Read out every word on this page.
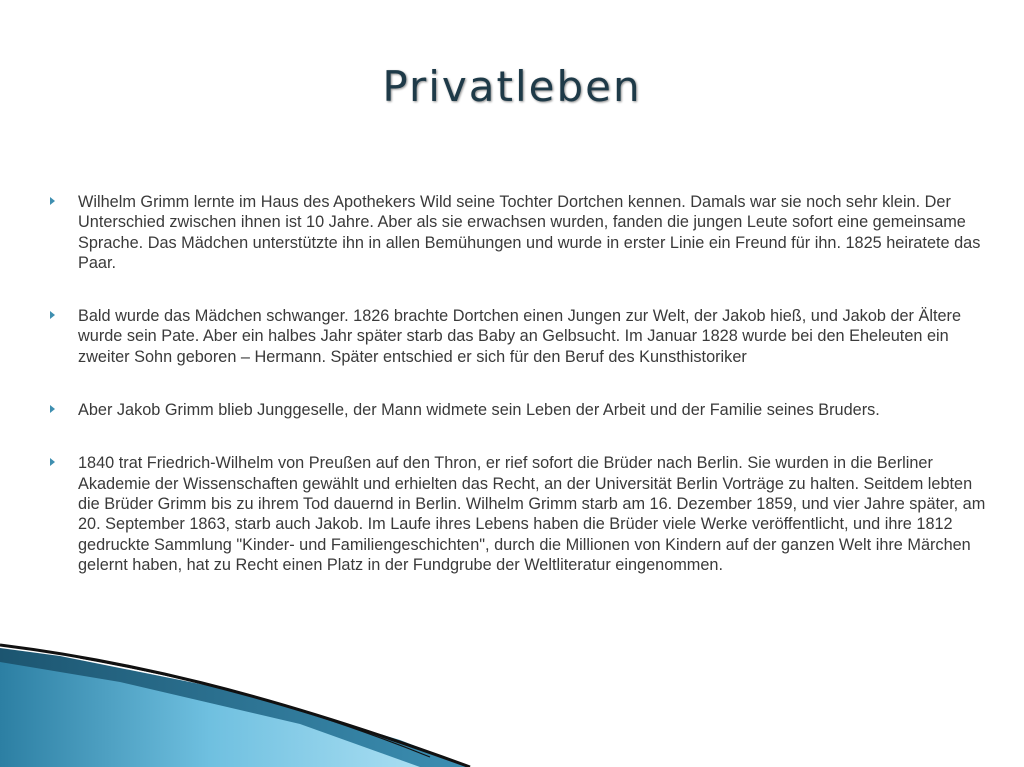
Privatleben

Wilhelm Grimm lernte im Haus des Apothekers Wild seine Tochter Dortchen kennen. Damals war sie noch sehr klein. Der Unterschied zwischen ihnen ist 10 Jahre. Aber als sie erwachsen wurden, fanden die jungen Leute sofort eine gemeinsame Sprache. Das Mädchen unterstützte ihn in allen Bemühungen und wurde in erster Linie ein Freund für ihn. 1825 heiratete das Paar.

Bald wurde das Mädchen schwanger. 1826 brachte Dortchen einen Jungen zur Welt, der Jakob hieß, und Jakob der Ältere wurde sein Pate. Aber ein halbes Jahr später starb das Baby an Gelbsucht. Im Januar 1828 wurde bei den Eheleuten ein zweiter Sohn geboren – Hermann. Später entschied er sich für den Beruf des Kunsthistoriker

Aber Jakob Grimm blieb Junggeselle, der Mann widmete sein Leben der Arbeit und der Familie seines Bruders.

1840 trat Friedrich-Wilhelm von Preußen auf den Thron, er rief sofort die Brüder nach Berlin. Sie wurden in die Berliner Akademie der Wissenschaften gewählt und erhielten das Recht, an der Universität Berlin Vorträge zu halten. Seitdem lebten die Brüder Grimm bis zu ihrem Tod dauernd in Berlin. Wilhelm Grimm starb am 16. Dezember 1859, und vier Jahre später, am 20. September 1863, starb auch Jakob. Im Laufe ihres Lebens haben die Brüder viele Werke veröffentlicht, und ihre 1812 gedruckte Sammlung "Kinder- und Familiengeschichten", durch die Millionen von Kindern auf der ganzen Welt ihre Märchen gelernt haben, hat zu Recht einen Platz in der Fundgrube der Weltliteratur eingenommen.
